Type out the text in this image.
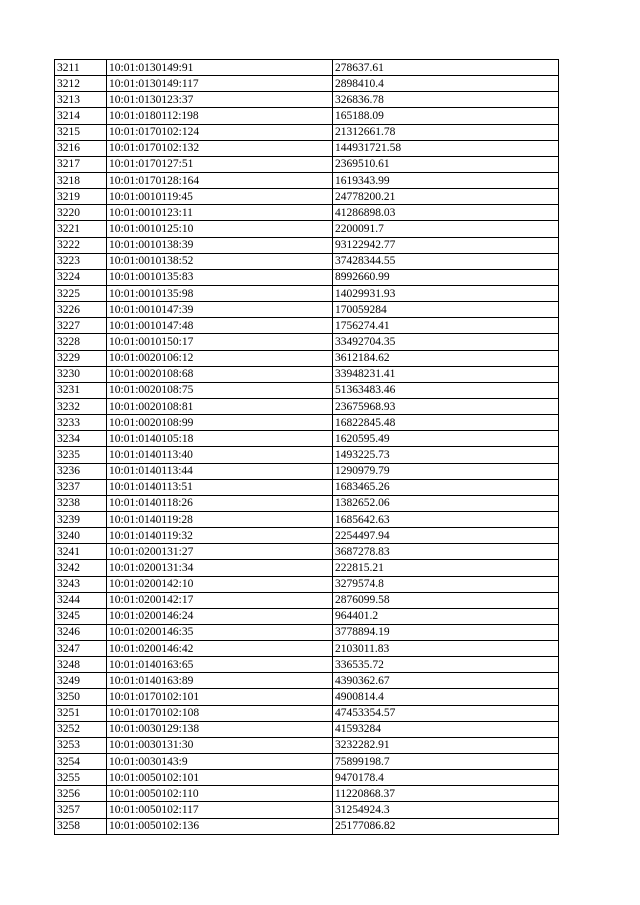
3211	10:01:0130149:91	278637.61
3212	10:01:0130149:117	2898410.4
3213	10:01:0130123:37	326836.78
3214	10:01:0180112:198	165188.09
3215	10:01:0170102:124	21312661.78
3216	10:01:0170102:132	144931721.58
3217	10:01:0170127:51	2369510.61
3218	10:01:0170128:164	1619343.99
3219	10:01:0010119:45	24778200.21
3220	10:01:0010123:11	41286898.03
3221	10:01:0010125:10	2200091.7
3222	10:01:0010138:39	93122942.77
3223	10:01:0010138:52	37428344.55
3224	10:01:0010135:83	8992660.99
3225	10:01:0010135:98	14029931.93
3226	10:01:0010147:39	170059284
3227	10:01:0010147:48	1756274.41
3228	10:01:0010150:17	33492704.35
3229	10:01:0020106:12	3612184.62
3230	10:01:0020108:68	33948231.41
3231	10:01:0020108:75	51363483.46
3232	10:01:0020108:81	23675968.93
3233	10:01:0020108:99	16822845.48
3234	10:01:0140105:18	1620595.49
3235	10:01:0140113:40	1493225.73
3236	10:01:0140113:44	1290979.79
3237	10:01:0140113:51	1683465.26
3238	10:01:0140118:26	1382652.06
3239	10:01:0140119:28	1685642.63
3240	10:01:0140119:32	2254497.94
3241	10:01:0200131:27	3687278.83
3242	10:01:0200131:34	222815.21
3243	10:01:0200142:10	3279574.8
3244	10:01:0200142:17	2876099.58
3245	10:01:0200146:24	964401.2
3246	10:01:0200146:35	3778894.19
3247	10:01:0200146:42	2103011.83
3248	10:01:0140163:65	336535.72
3249	10:01:0140163:89	4390362.67
3250	10:01:0170102:101	4900814.4
3251	10:01:0170102:108	47453354.57
3252	10:01:0030129:138	41593284
3253	10:01:0030131:30	3232282.91
3254	10:01:0030143:9	75899198.7
3255	10:01:0050102:101	9470178.4
3256	10:01:0050102:110	11220868.37
3257	10:01:0050102:117	31254924.3
3258	10:01:0050102:136	25177086.82
